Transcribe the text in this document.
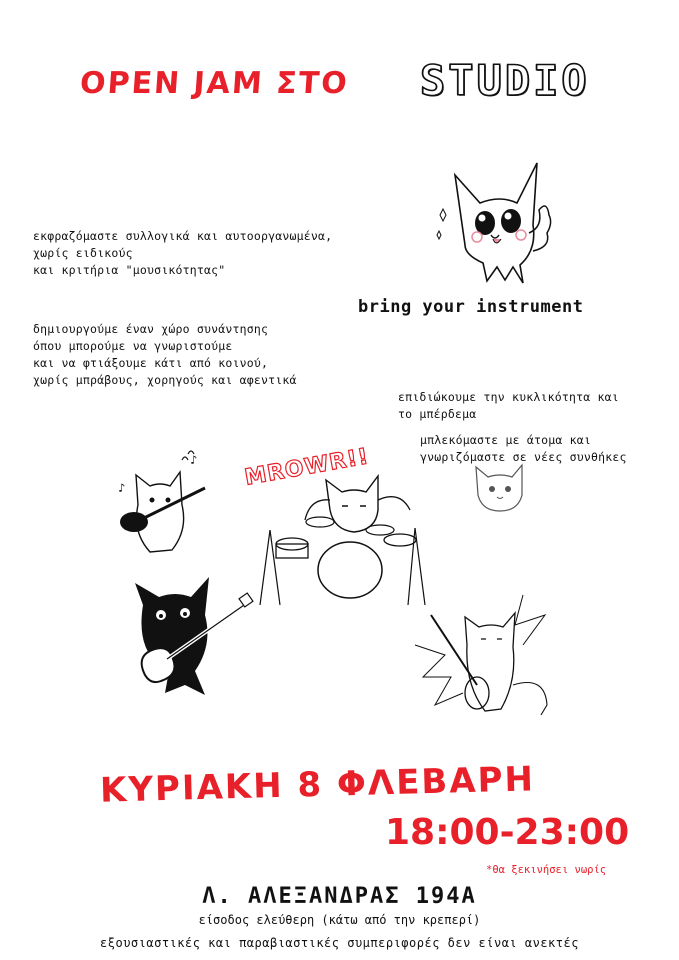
OPEN JAM ΣΤΟ STUDIO
εκφραζόμαστε συλλογικά και αυτοοργανωμένα,
χωρίς ειδικούς
και κριτήρια "μουσικότητας"
bring your instrument
δημιουργούμε έναν χώρο συνάντησης
όπου μπορούμε να γνωριστούμε
και να φτιάξουμε κάτι από κοινού,
χωρίς μπράβους, χορηγούς και αφεντικά
επιδιώκουμε την κυκλικότητα και
το μπέρδεμα
μπλεκόμαστε με άτομα και
γνωριζόμαστε σε νέες συνθήκες
♪
♪	MROWR!!
ΚΥΡΙΑΚΗ 8 ΦΛΕΒΑΡΗ
18:00-23:00
*θα ξεκινήσει νωρίς
Λ. ΑΛΕΞΑΝΔΡΑΣ 194Α
είσοδος ελεύθερη (κάτω από την κρεπερί)
εξουσιαστικές και παραβιαστικές συμπεριφορές δεν είναι ανεκτές
